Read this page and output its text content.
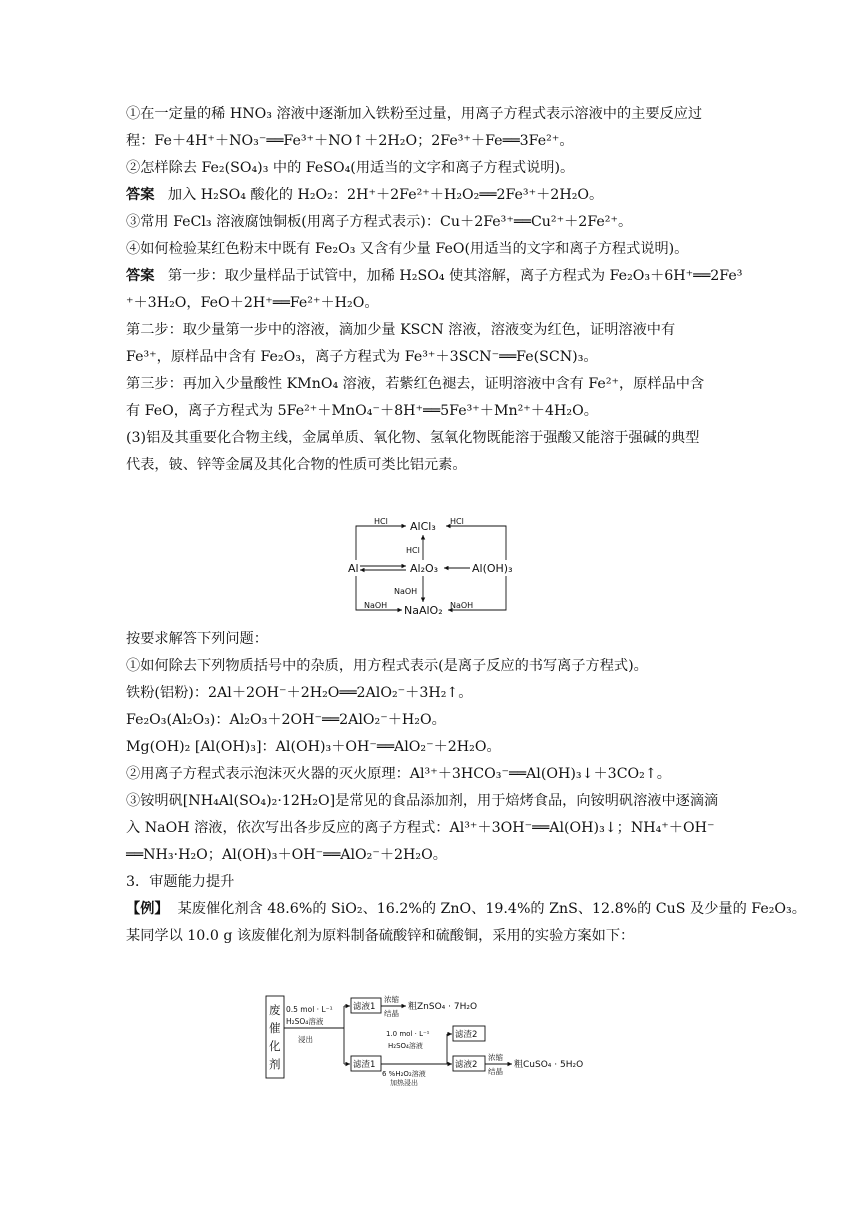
①在一定量的稀 HNO₃ 溶液中逐渐加入铁粉至过量，用离子方程式表示溶液中的主要反应过
程：Fe＋4H⁺＋NO₃⁻══Fe³⁺＋NO↑＋2H₂O；2Fe³⁺＋Fe══3Fe²⁺。
②怎样除去 Fe₂(SO₄)₃ 中的 FeSO₄(用适当的文字和离子方程式说明)。
答案 加入 H₂SO₄ 酸化的 H₂O₂：2H⁺＋2Fe²⁺＋H₂O₂══2Fe³⁺＋2H₂O。
③常用 FeCl₃ 溶液腐蚀铜板(用离子方程式表示)：Cu＋2Fe³⁺══Cu²⁺＋2Fe²⁺。
④如何检验某红色粉末中既有 Fe₂O₃ 又含有少量 FeO(用适当的文字和离子方程式说明)。
答案 第一步：取少量样品于试管中，加稀 H₂SO₄ 使其溶解，离子方程式为 Fe₂O₃＋6H⁺══2Fe³
⁺＋3H₂O，FeO＋2H⁺══Fe²⁺＋H₂O。
第二步：取少量第一步中的溶液，滴加少量 KSCN 溶液，溶液变为红色，证明溶液中有
Fe³⁺，原样品中含有 Fe₂O₃，离子方程式为 Fe³⁺＋3SCN⁻══Fe(SCN)₃。
第三步：再加入少量酸性 KMnO₄ 溶液，若紫红色褪去，证明溶液中含有 Fe²⁺，原样品中含
有 FeO，离子方程式为 5Fe²⁺＋MnO₄⁻＋8H⁺══5Fe³⁺＋Mn²⁺＋4H₂O。
(3)铝及其重要化合物主线，金属单质、氧化物、氢氧化物既能溶于强酸又能溶于强碱的典型
代表，铍、锌等金属及其化合物的性质可类比铝元素。
AlCl₃
Al	Al₂O₃	Al(OH)₃
NaAlO₂
HCl	HCl
HCl
NaOH
NaOH	NaOH
按要求解答下列问题：
①如何除去下列物质括号中的杂质，用方程式表示(是离子反应的书写离子方程式)。
铁粉(铝粉)：2Al＋2OH⁻＋2H₂O══2AlO₂⁻＋3H₂↑。
Fe₂O₃(Al₂O₃)：Al₂O₃＋2OH⁻══2AlO₂⁻＋H₂O。
Mg(OH)₂ [Al(OH)₃]：Al(OH)₃＋OH⁻══AlO₂⁻＋2H₂O。
②用离子方程式表示泡沫灭火器的灭火原理：Al³⁺＋3HCO₃⁻══Al(OH)₃↓＋3CO₂↑。
③铵明矾[NH₄Al(SO₄)₂·12H₂O]是常见的食品添加剂，用于焙烤食品，向铵明矾溶液中逐滴滴
入 NaOH 溶液，依次写出各步反应的离子方程式：Al³⁺＋3OH⁻══Al(OH)₃↓；NH₄⁺＋OH⁻
══NH₃·H₂O；Al(OH)₃＋OH⁻══AlO₂⁻＋2H₂O。
3．审题能力提升
【例】 某废催化剂含 48.6%的 SiO₂、16.2%的 ZnO、19.4%的 ZnS、12.8%的 CuS 及少量的 Fe₂O₃。
某同学以 10.0 g 该废催化剂为原料制备硫酸锌和硫酸铜，采用的实验方案如下：
废催化剂
0.5 mol · L⁻¹
H₂SO₄溶液
浸出
滤液1
浓缩
结晶
粗ZnSO₄ · 7H₂O
滤渣1
1.0 mol · L⁻¹
H₂SO₄溶液
6 %H₂O₂溶液
加热浸出
滤渣2
滤液2
浓缩
结晶
粗CuSO₄ · 5H₂O
